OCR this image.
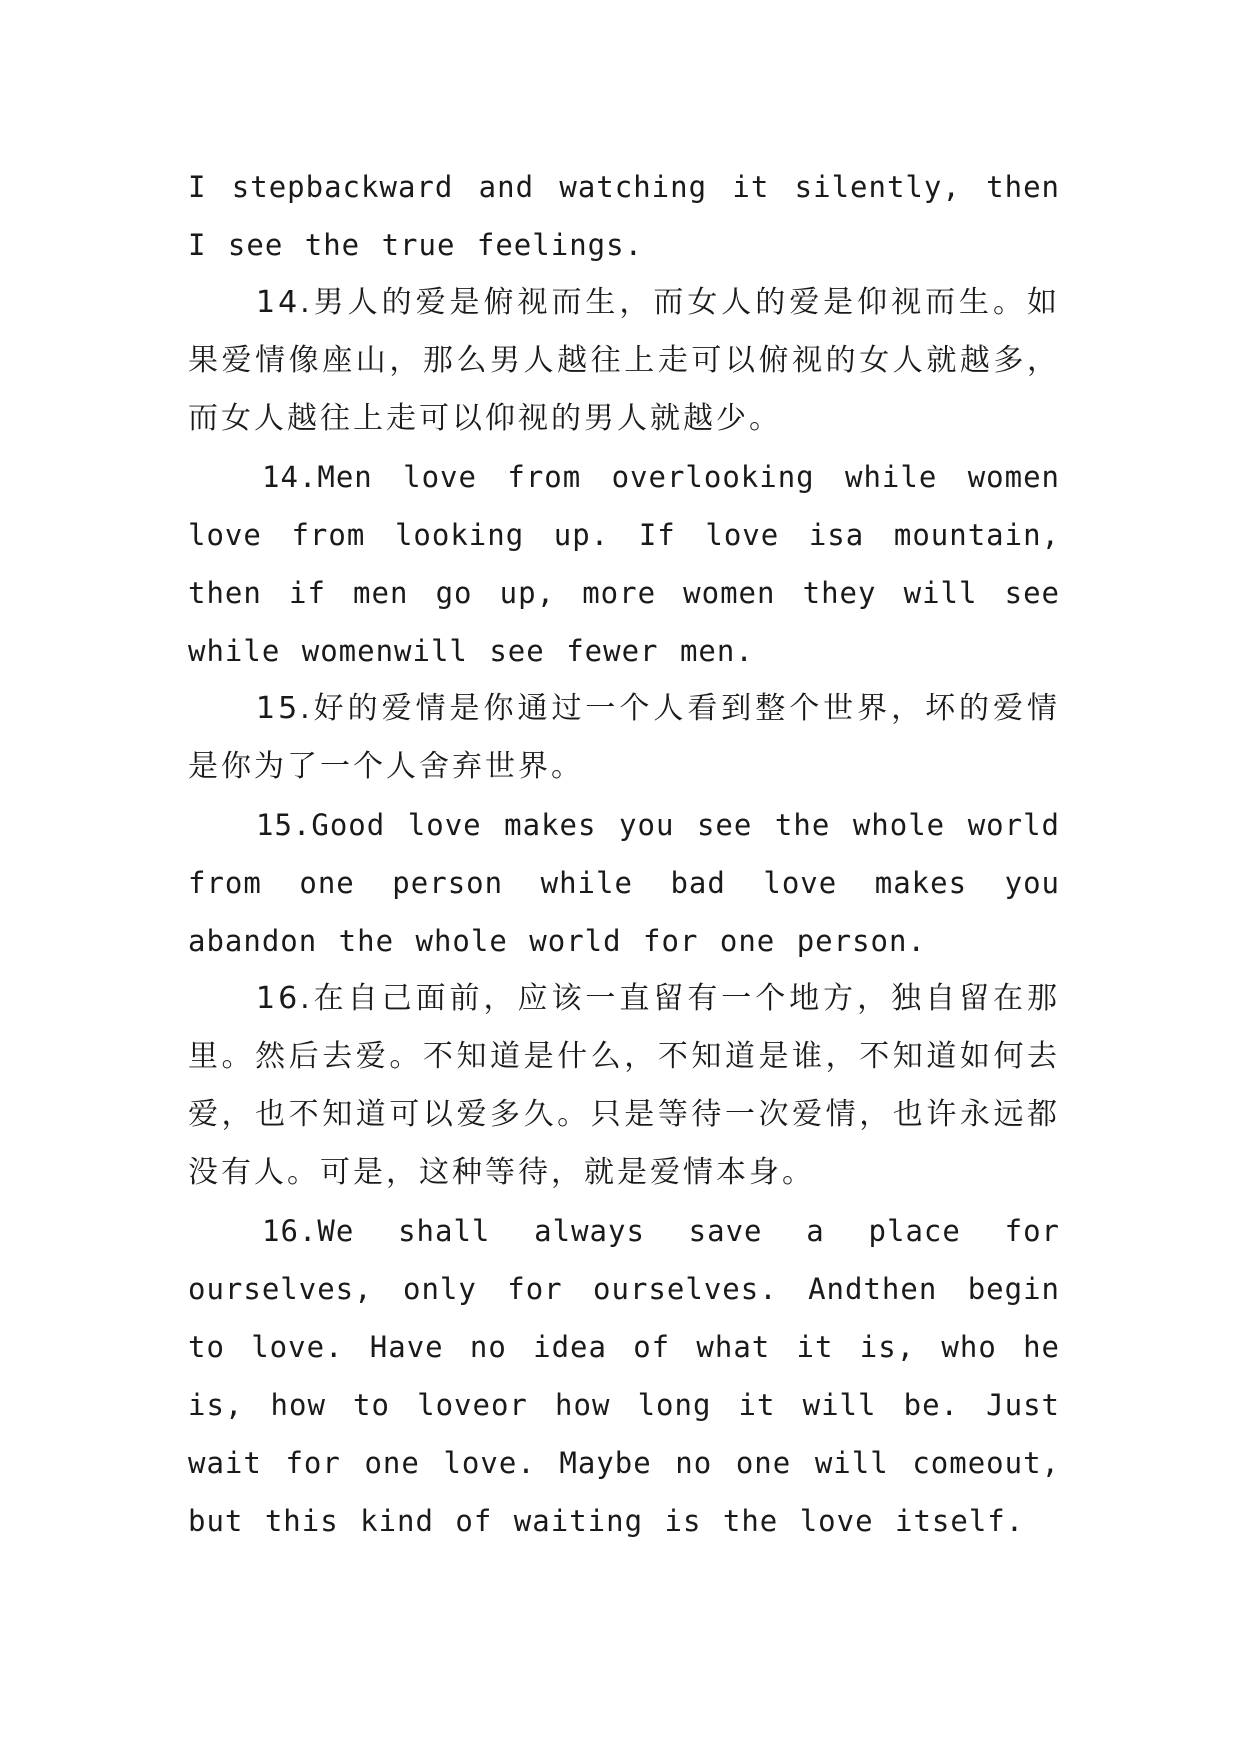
I stepbackward and watching it silently, then I see the true feelings.

14.男人的爱是俯视而生，而女人的爱是仰视而生。如果爱情像座山，那么男人越往上走可以俯视的女人就越多，而女人越往上走可以仰视的男人就越少。

14.Men love from overlooking while women love from looking up. If love isa mountain, then if men go up, more women they will see while womenwill see fewer men.

15.好的爱情是你通过一个人看到整个世界，坏的爱情是你为了一个人舍弃世界。

15.Good love makes you see the whole world from one person while bad love makes you abandon the whole world for one person.

16.在自己面前，应该一直留有一个地方，独自留在那里。然后去爱。不知道是什么，不知道是谁，不知道如何去爱，也不知道可以爱多久。只是等待一次爱情，也许永远都没有人。可是，这种等待，就是爱情本身。

16.We shall always save a place for ourselves, only for ourselves. Andthen begin to love. Have no idea of what it is, who he is, how to loveor how long it will be. Just wait for one love. Maybe no one will comeout, but this kind of waiting is the love itself.
